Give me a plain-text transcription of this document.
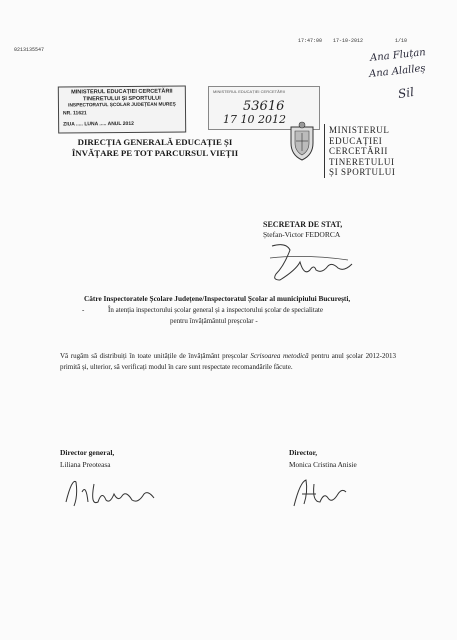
0213135547
17:47:00 17-10-2012	1/10
Ana Fluțan
Ana Alalleș
Sil
MINISTERUL EDUCAȚIEI CERCETĂRII
TINERETULUI ȘI SPORTULUI
INSPECTORATUL ȘCOLAR JUDEȚEAN MUREȘ
NR. 11621
ZIUA ..... LUNA ..... ANUL 2012
MINISTERUL EDUCAȚIEI CERCETĂRII
53616
17 10 2012
MINISTERUL
EDUCAȚIEI
CERCETĂRII
TINERETULUI
ȘI SPORTULUI
DIRECȚIA GENERALĂ EDUCAȚIE ȘI ÎNVĂȚARE PE TOT PARCURSUL VIEȚII
SECRETAR DE STAT,
Ștefan-Victor FEDORCA
Către Inspectoratele Școlare Județene/Inspectoratul Școlar al municipiului București,
-	În atenția inspectorului școlar general și a inspectorului școlar de specialitate
pentru învățământul preșcolar -
Vă rugăm să distribuiți în toate unitățile de învățământ preșcolar Scrisoarea metodică pentru anul școlar 2012-2013 primită și, ulterior, să verificați modul în care sunt respectate recomandările făcute.
Director general,
Liliana Preoteasa
Director,
Monica Cristina Anisie
